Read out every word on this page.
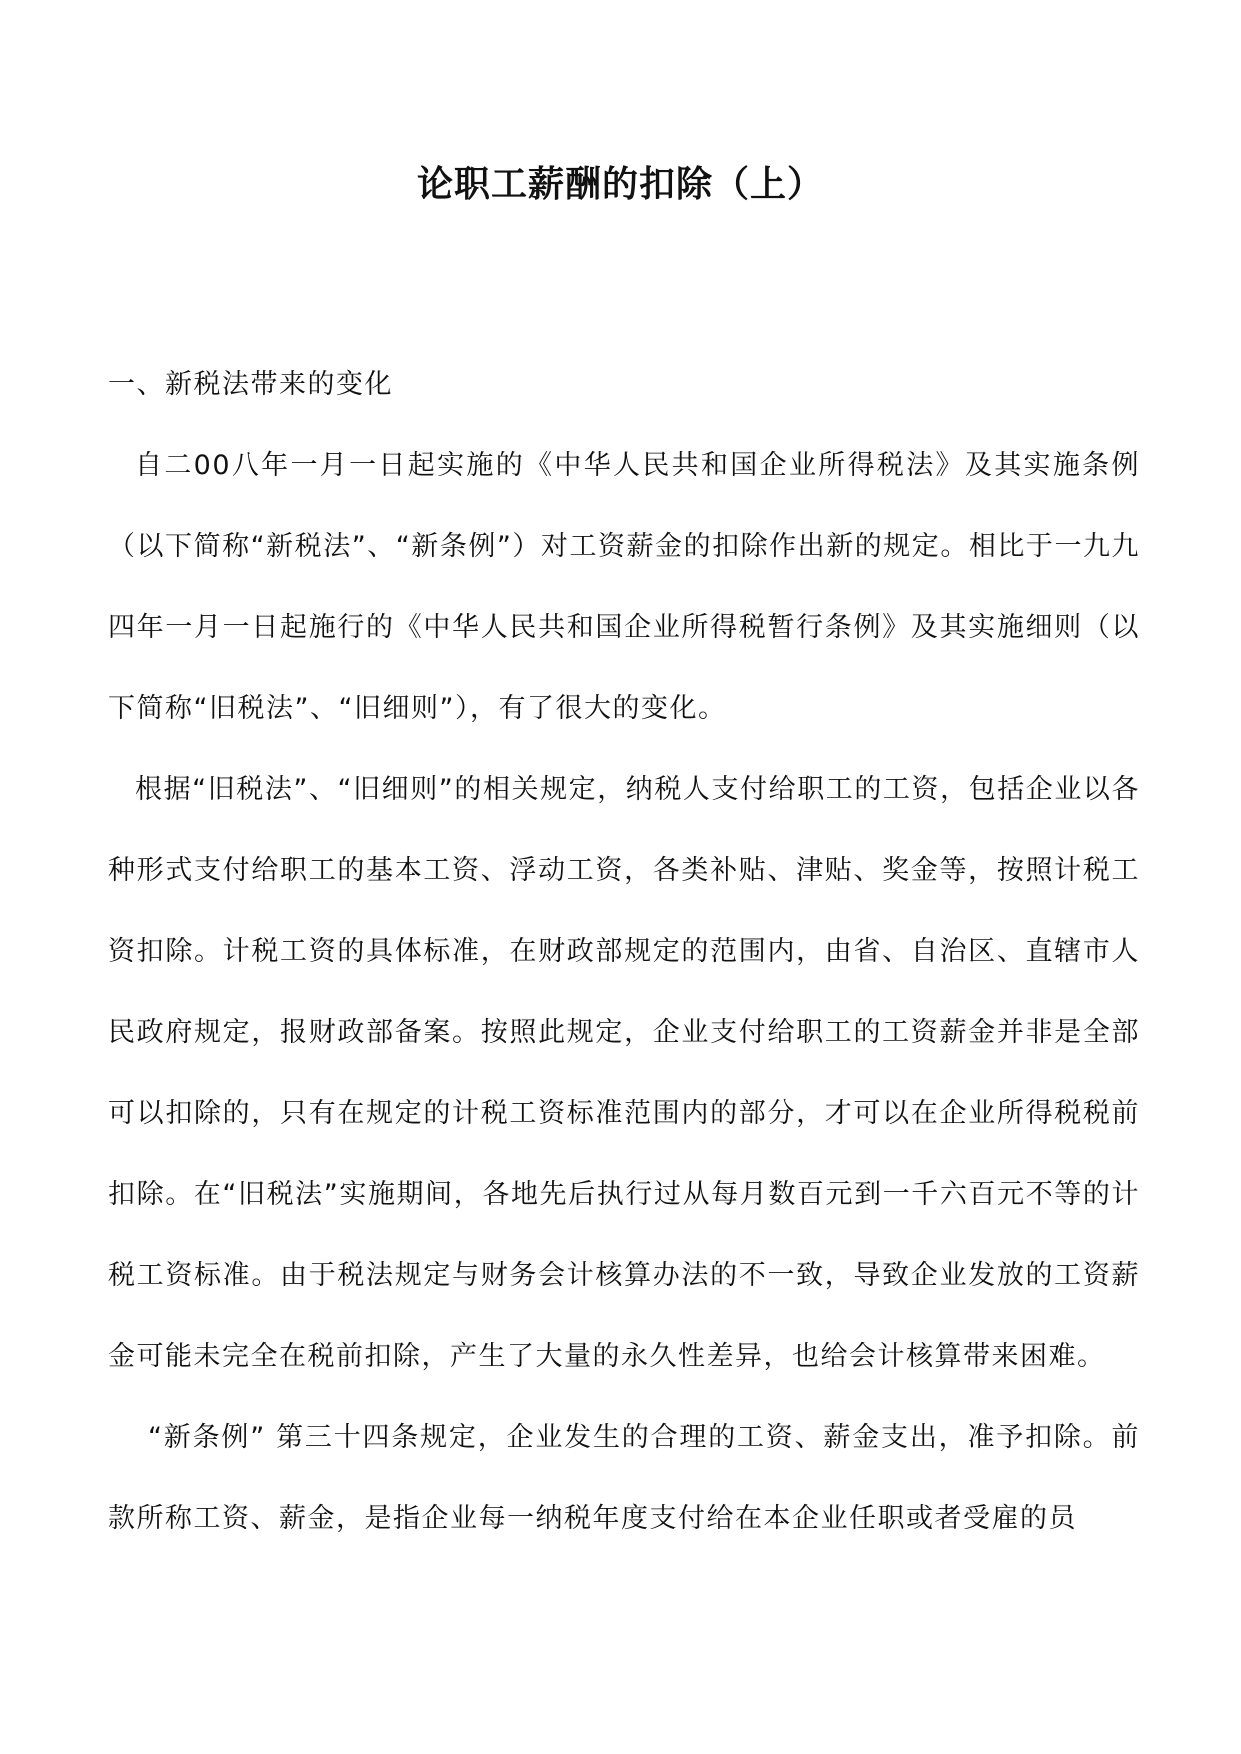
论职工薪酬的扣除（上）

一、新税法带来的变化

自二00八年一月一日起实施的《中华人民共和国企业所得税法》及其实施条例（以下简称“新税法”、“新条例”）对工资薪金的扣除作出新的规定。相比于一九九四年一月一日起施行的《中华人民共和国企业所得税暂行条例》及其实施细则（以下简称“旧税法”、“旧细则”），有了很大的变化。

根据“旧税法”、“旧细则”的相关规定，纳税人支付给职工的工资，包括企业以各种形式支付给职工的基本工资、浮动工资，各类补贴、津贴、奖金等，按照计税工资扣除。计税工资的具体标准，在财政部规定的范围内，由省、自治区、直辖市人民政府规定，报财政部备案。按照此规定，企业支付给职工的工资薪金并非是全部可以扣除的，只有在规定的计税工资标准范围内的部分，才可以在企业所得税税前扣除。在“旧税法”实施期间，各地先后执行过从每月数百元到一千六百元不等的计税工资标准。由于税法规定与财务会计核算办法的不一致，导致企业发放的工资薪金可能未完全在税前扣除，产生了大量的永久性差异，也给会计核算带来困难。

“新条例” 第三十四条规定，企业发生的合理的工资、薪金支出，准予扣除。前款所称工资、薪金，是指企业每一纳税年度支付给在本企业任职或者受雇的员
